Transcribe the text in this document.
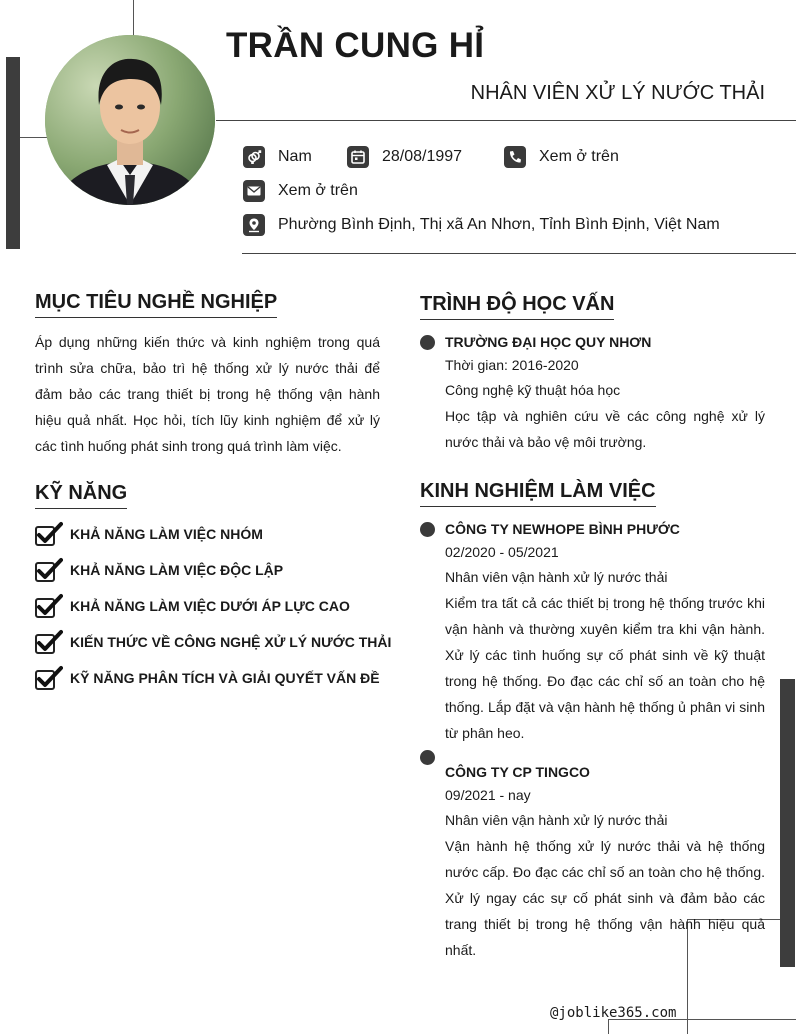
TRẦN CUNG HỈ
NHÂN VIÊN XỬ LÝ NƯỚC THẢI
Nam	28/08/1997	Xem ở trên
Xem ở trên
Phường Bình Định, Thị xã An Nhơn, Tỉnh Bình Định, Việt Nam
MỤC TIÊU NGHỀ NGHIỆP
Áp dụng những kiến thức và kinh nghiệm trong quá trình sửa chữa, bảo trì hệ thống xử lý nước thải để đảm bảo các trang thiết bị trong hệ thống vận hành hiệu quả nhất. Học hỏi, tích lũy kinh nghiệm để xử lý các tình huống phát sinh trong quá trình làm việc.
KỸ NĂNG
KHẢ NĂNG LÀM VIỆC NHÓM
KHẢ NĂNG LÀM VIỆC ĐỘC LẬP
KHẢ NĂNG LÀM VIỆC DƯỚI ÁP LỰC CAO
KIẾN THỨC VỀ CÔNG NGHỆ XỬ LÝ NƯỚC THẢI
KỸ NĂNG PHÂN TÍCH VÀ GIẢI QUYẾT VẤN ĐỀ
TRÌNH ĐỘ HỌC VẤN
TRƯỜNG ĐẠI HỌC QUY NHƠN
Thời gian: 2016-2020
Công nghệ kỹ thuật hóa học
Học tập và nghiên cứu về các công nghệ xử lý nước thải và bảo vệ môi trường.
KINH NGHIỆM LÀM VIỆC
CÔNG TY NEWHOPE BÌNH PHƯỚC
02/2020 - 05/2021
Nhân viên vận hành xử lý nước thải
Kiểm tra tất cả các thiết bị trong hệ thống trước khi vận hành và thường xuyên kiểm tra khi vận hành. Xử lý các tình huống sự cố phát sinh về kỹ thuật trong hệ thống. Đo đạc các chỉ số an toàn cho hệ thống. Lắp đặt và vận hành hệ thống ủ phân vi sinh từ phân heo.
CÔNG TY CP TINGCO
09/2021 - nay
Nhân viên vận hành xử lý nước thải
Vận hành hệ thống xử lý nước thải và hệ thống nước cấp. Đo đạc các chỉ số an toàn cho hệ thống. Xử lý ngay các sự cố phát sinh và đảm bảo các trang thiết bị trong hệ thống vận hành hiệu quả nhất.
@joblike365.com
